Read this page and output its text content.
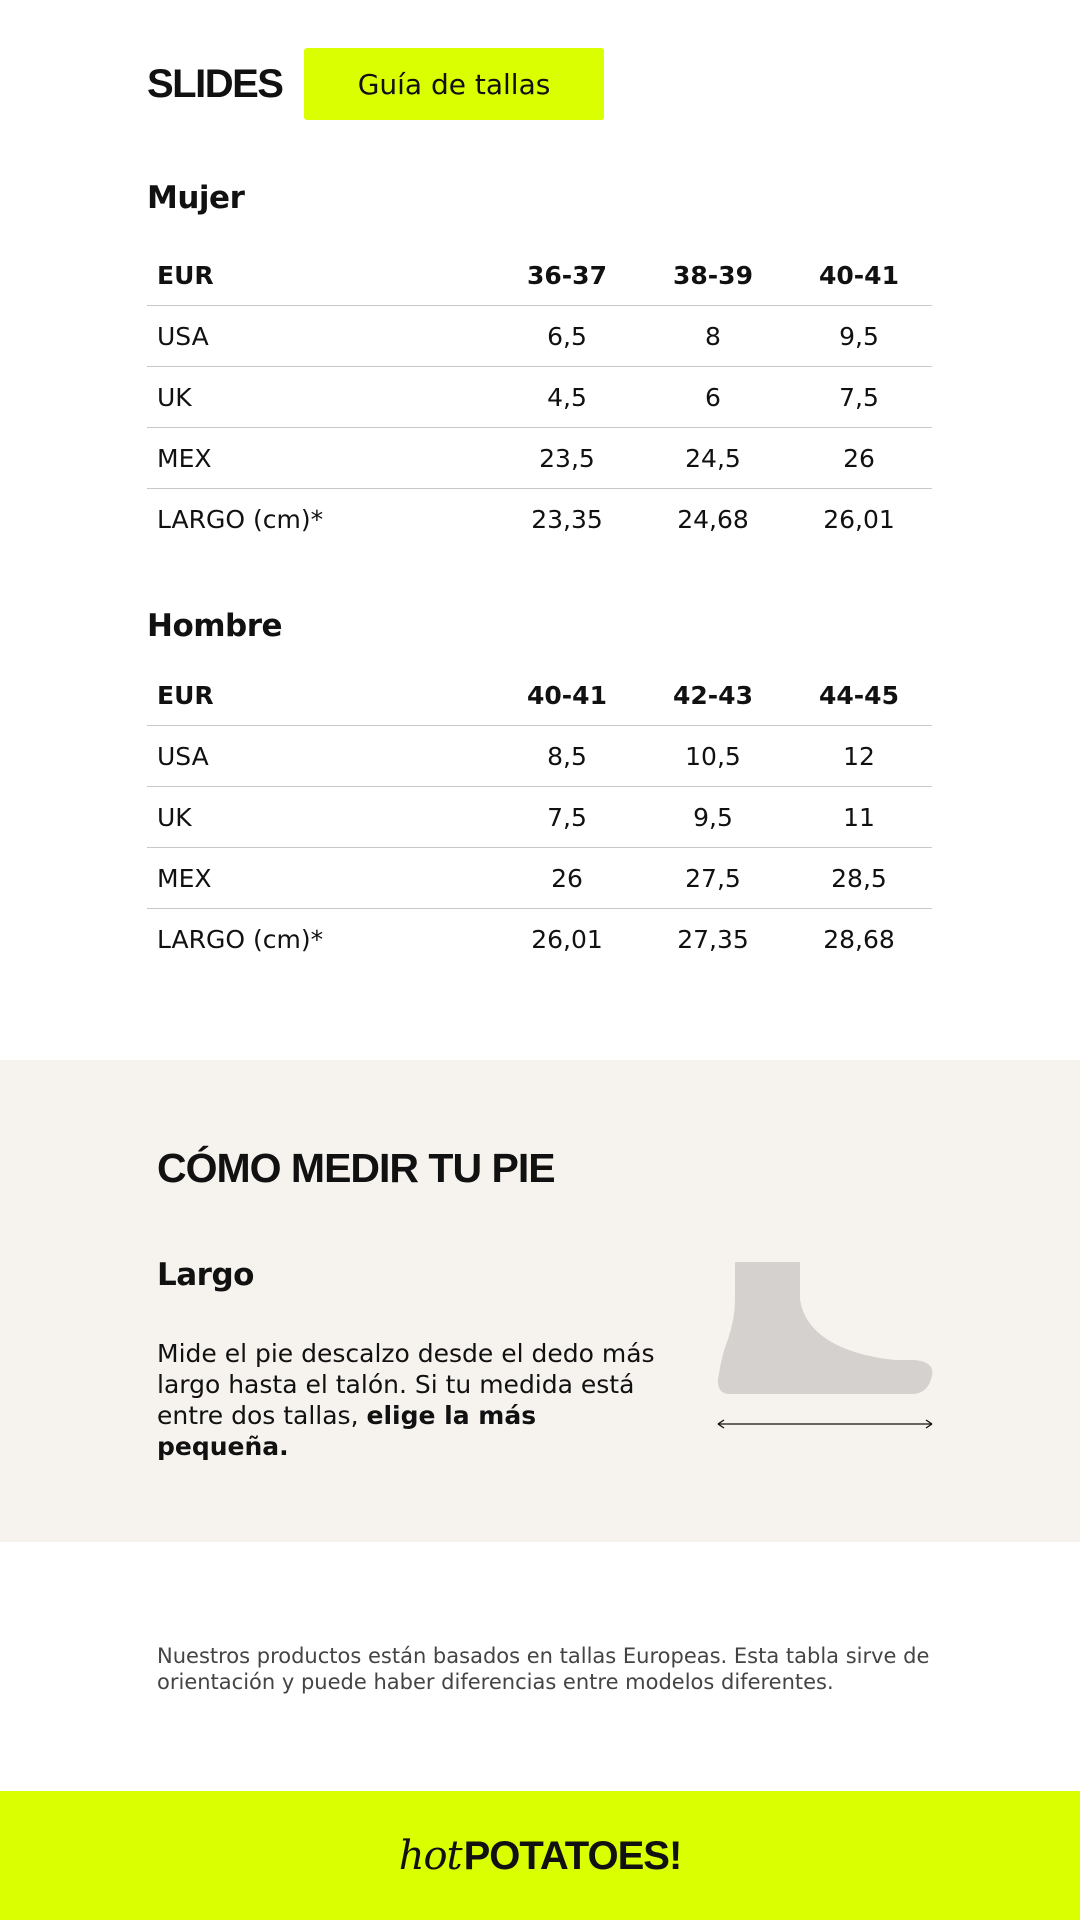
SLIDES	Guía de tallas
Mujer
EUR	36-37	38-39	40-41
USA	6,5	8	9,5
UK	4,5	6	7,5
MEX	23,5	24,5	26
LARGO (cm)*	23,35	24,68	26,01
Hombre
EUR	40-41	42-43	44-45
USA	8,5	10,5	12
UK	7,5	9,5	11
MEX	26	27,5	28,5
LARGO (cm)*	26,01	27,35	28,68
CÓMO MEDIR TU PIE
Largo
Mide el pie descalzo desde el dedo más largo hasta el talón. Si tu medida está entre dos tallas, elige la más pequeña.
Nuestros productos están basados en tallas Europeas. Esta tabla sirve de orientación y puede haber diferencias entre modelos diferentes.
hot POTATOES!
